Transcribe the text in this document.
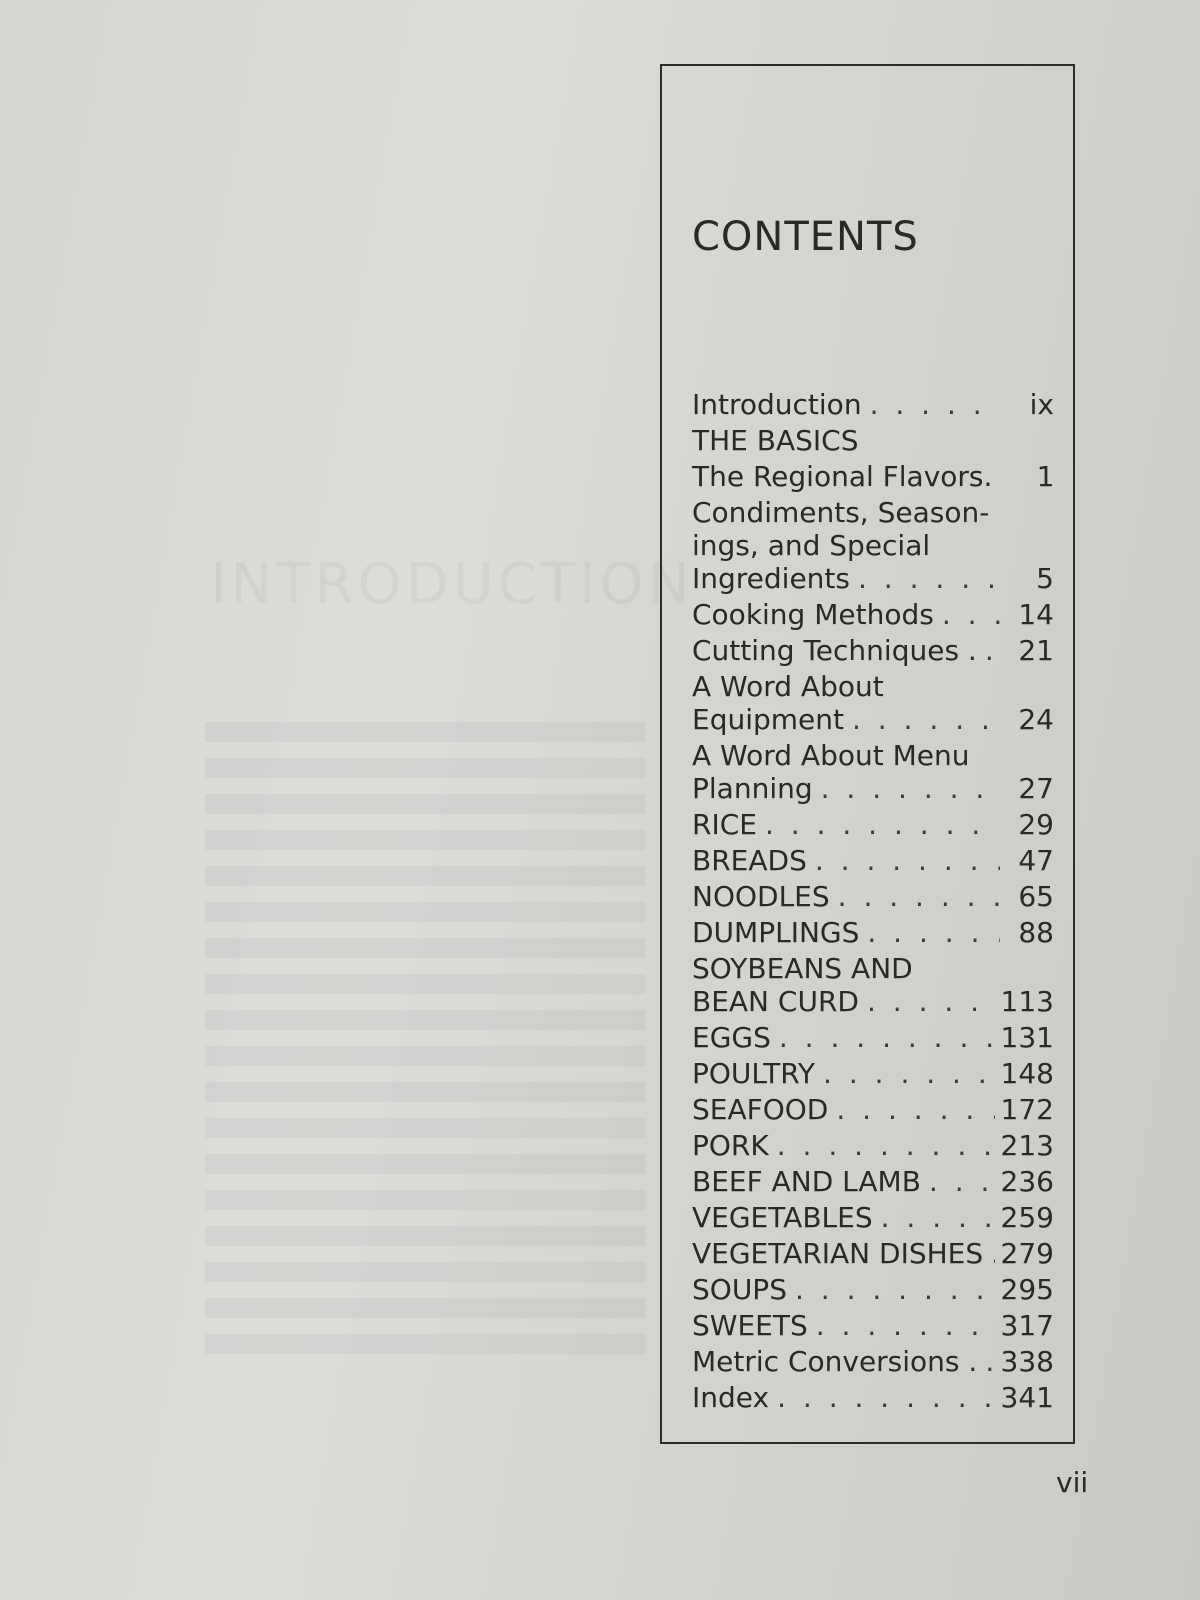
INTRODUCTION
CONTENTS
Introduction . . .	ix
THE BASICS
The Regional Flavors.	1
Condiments, Season-
ings, and Special
Ingredients . . .	5
Cooking Methods . . .	14
Cutting Techniques . . . .	21
A Word About
Equipment . . .	24
A Word About Menu
Planning . . .	27
RICE . . .	29
BREADS . . .	47
NOODLES . . .	65
DUMPLINGS . . .	88
SOYBEANS AND
BEAN CURD . . .	113
EGGS . . .	131
POULTRY . . .	148
SEAFOOD . . .	172
PORK . . .	213
BEEF AND LAMB . . .	236
VEGETABLES . . .	259
VEGETARIAN DISHES . . . 279
SOUPS . . .	295
SWEETS . . .	317
Metric Conversions . . . . 338
Index . . .	341
vii
